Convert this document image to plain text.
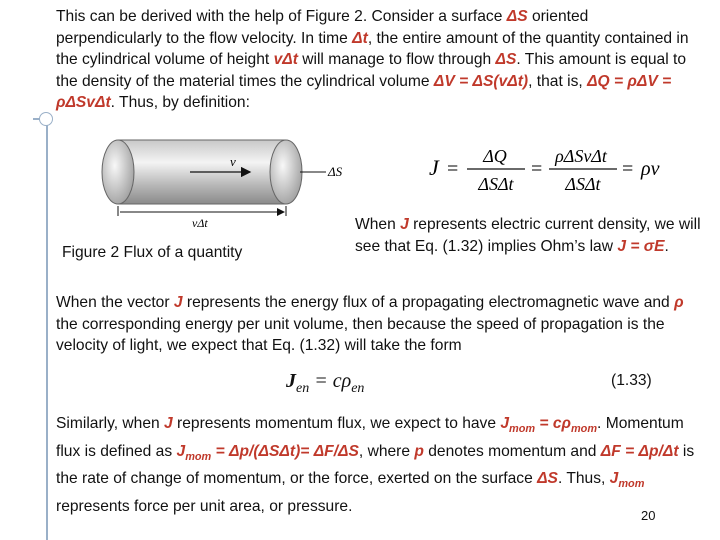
This can be derived with the help of Figure 2. Consider a surface ΔS oriented perpendicularly to the flow velocity. In time Δt, the entire amount of the quantity contained in the cylindrical volume of height vΔt will manage to flow through ΔS. This amount is equal to the density of the material times the cylindrical volume ΔV = ΔS(vΔt), that is, ΔQ = ρΔV = ρΔSvΔt. Thus, by definition:

v
ΔS
vΔt
Figure 2 Flux of a quantity
J =
ΔQ
ΔSΔt
=
ρΔSvΔt
ΔSΔt
= ρv

When J represents electric current density, we will see that Eq. (1.32) implies Ohm’s law J = σE.

When the vector J represents the energy flux of a propagating electromagnetic wave and ρ the corresponding energy per unit volume, then because the speed of propagation is the velocity of light, we expect that Eq. (1.32) will take the form

$J_{en} = c\rho_{en}$	(1.33)

Similarly, when J represents momentum flux, we expect to have $J_{mom} = c\rho_{mom}$. Momentum flux is defined as $J_{mom} = \Delta p/(\Delta S\Delta t)= \Delta F/\Delta S$, where p denotes momentum and ΔF = Δp/Δt is the rate of change of momentum, or the force, exerted on the surface ΔS. Thus, $J_{mom}$ represents force per unit area, or pressure.

20
